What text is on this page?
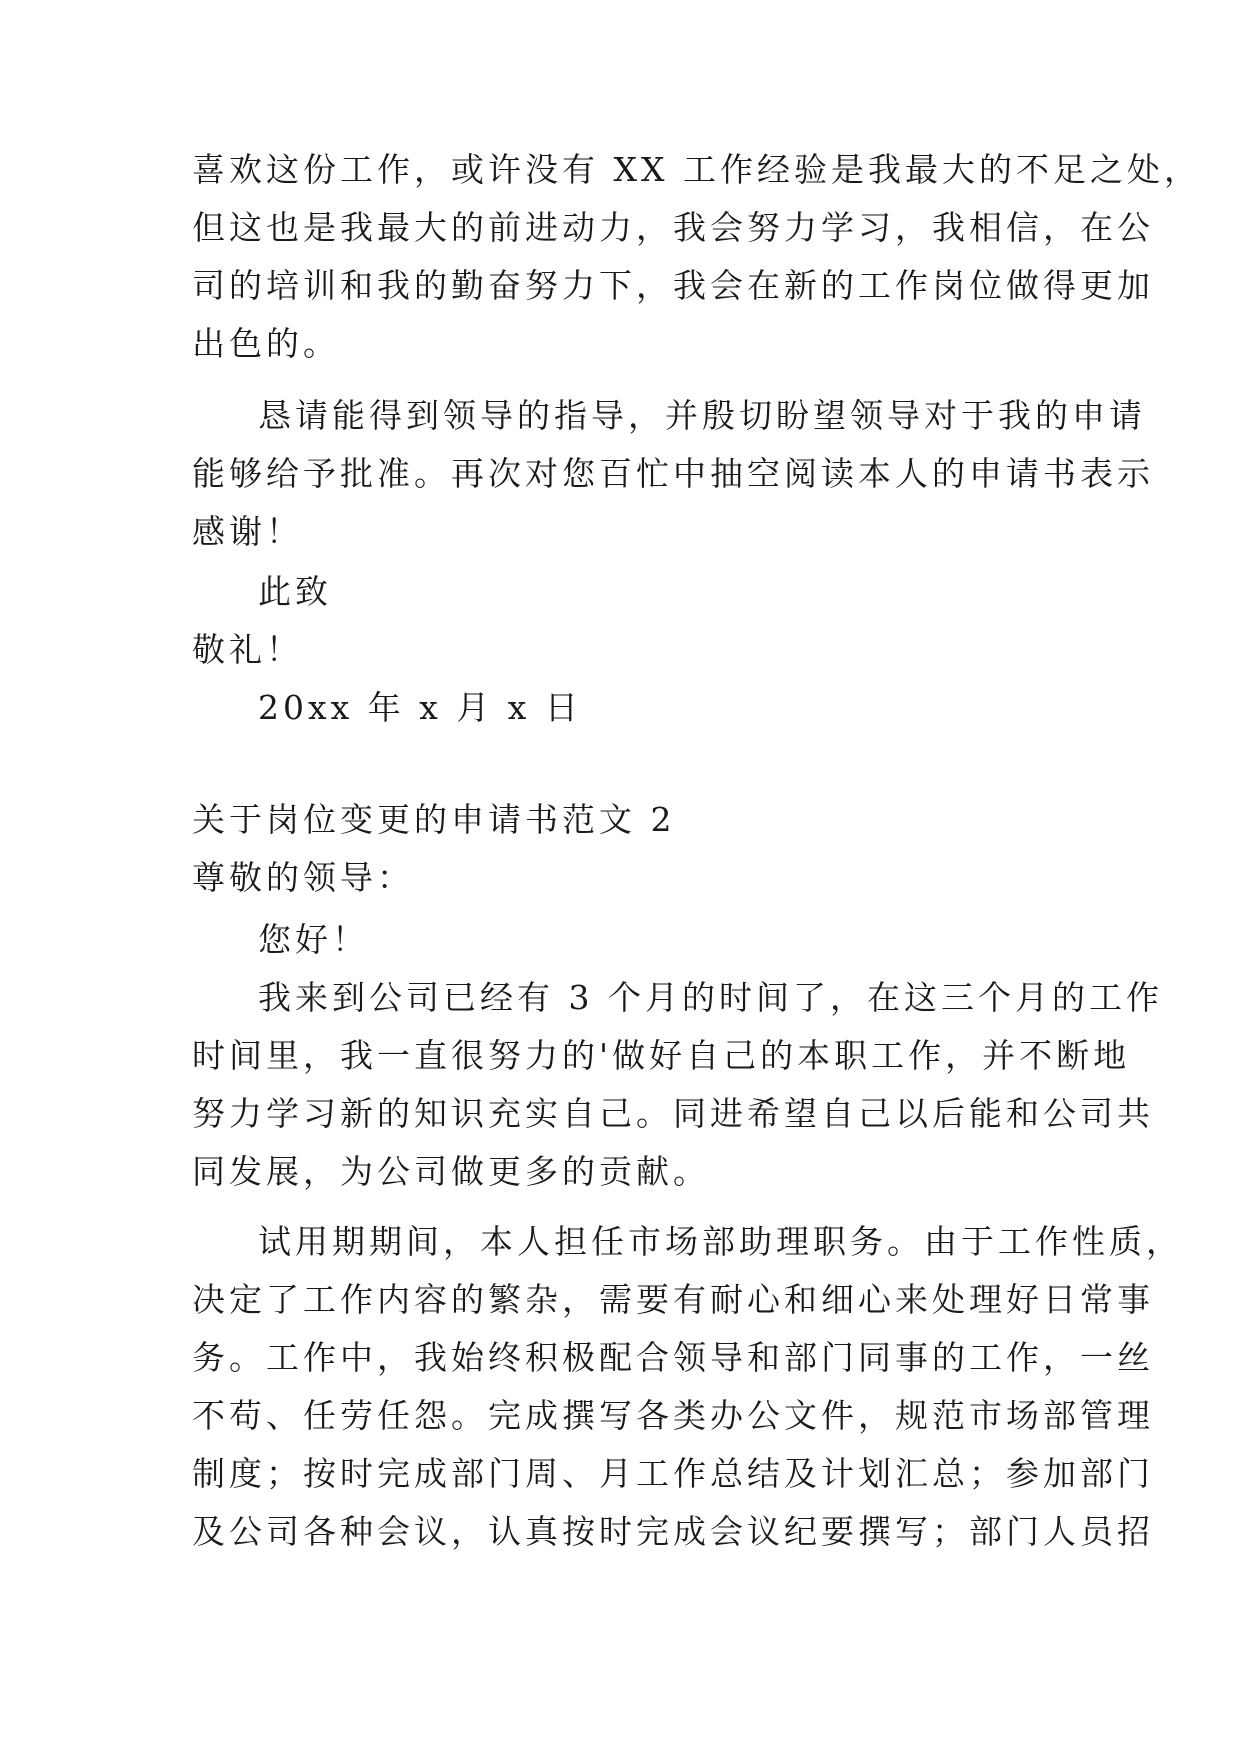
喜欢这份工作，或许没有 XX 工作经验是我最大的不足之处，
但这也是我最大的前进动力，我会努力学习，我相信，在公
司的培训和我的勤奋努力下，我会在新的工作岗位做得更加
出色的。
恳请能得到领导的指导，并殷切盼望领导对于我的申请
能够给予批准。再次对您百忙中抽空阅读本人的申请书表示
感谢！
此致
敬礼！
20xx 年 x 月 x 日
关于岗位变更的申请书范文 2
尊敬的领导：
您好！
我来到公司已经有 3 个月的时间了，在这三个月的工作
时间里，我一直很努力的'做好自己的本职工作，并不断地
努力学习新的知识充实自己。同进希望自己以后能和公司共
同发展，为公司做更多的贡献。
试用期期间，本人担任市场部助理职务。由于工作性质，
决定了工作内容的繁杂，需要有耐心和细心来处理好日常事
务。工作中，我始终积极配合领导和部门同事的工作，一丝
不苟、任劳任怨。完成撰写各类办公文件，规范市场部管理
制度；按时完成部门周、月工作总结及计划汇总；参加部门
及公司各种会议，认真按时完成会议纪要撰写；部门人员招
